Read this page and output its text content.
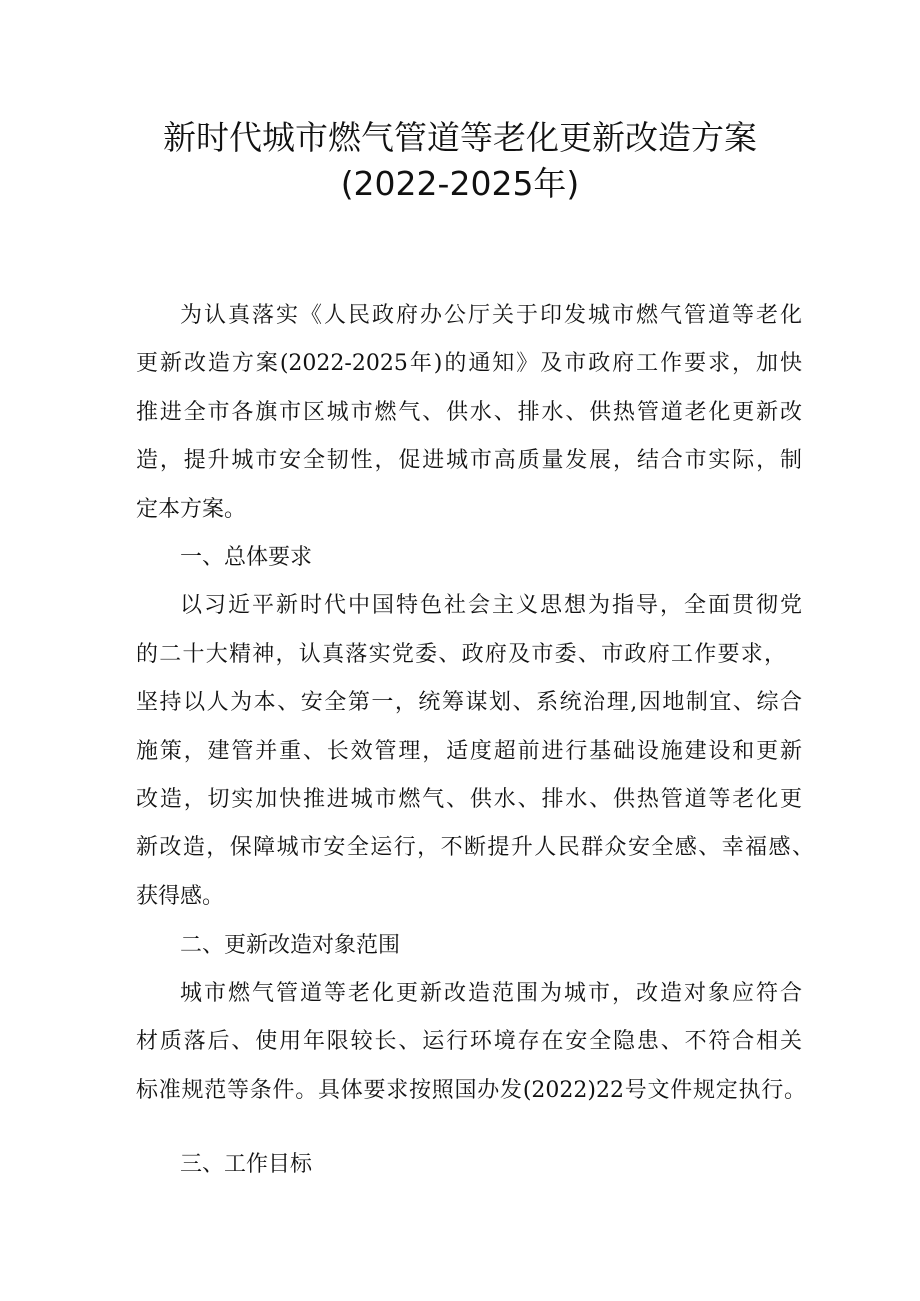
新时代城市燃气管道等老化更新改造方案
(2022-2025年)
为认真落实《人民政府办公厅关于印发城市燃气管道等老化
更新改造方案(2022-2025年)的通知》及市政府工作要求，加快
推进全市各旗市区城市燃气、供水、排水、供热管道老化更新改
造，提升城市安全韧性，促进城市高质量发展，结合市实际，制
定本方案。
一、总体要求
以习近平新时代中国特色社会主义思想为指导，全面贯彻党
的二十大精神，认真落实党委、政府及市委、市政府工作要求，
坚持以人为本、安全第一，统筹谋划、系统治理,因地制宜、综合
施策，建管并重、长效管理，适度超前进行基础设施建设和更新
改造，切实加快推进城市燃气、供水、排水、供热管道等老化更
新改造，保障城市安全运行，不断提升人民群众安全感、幸福感、
获得感。
二、更新改造对象范围
城市燃气管道等老化更新改造范围为城市，改造对象应符合
材质落后、使用年限较长、运行环境存在安全隐患、不符合相关
标准规范等条件。具体要求按照国办发(2022)22号文件规定执行。
三、工作目标
